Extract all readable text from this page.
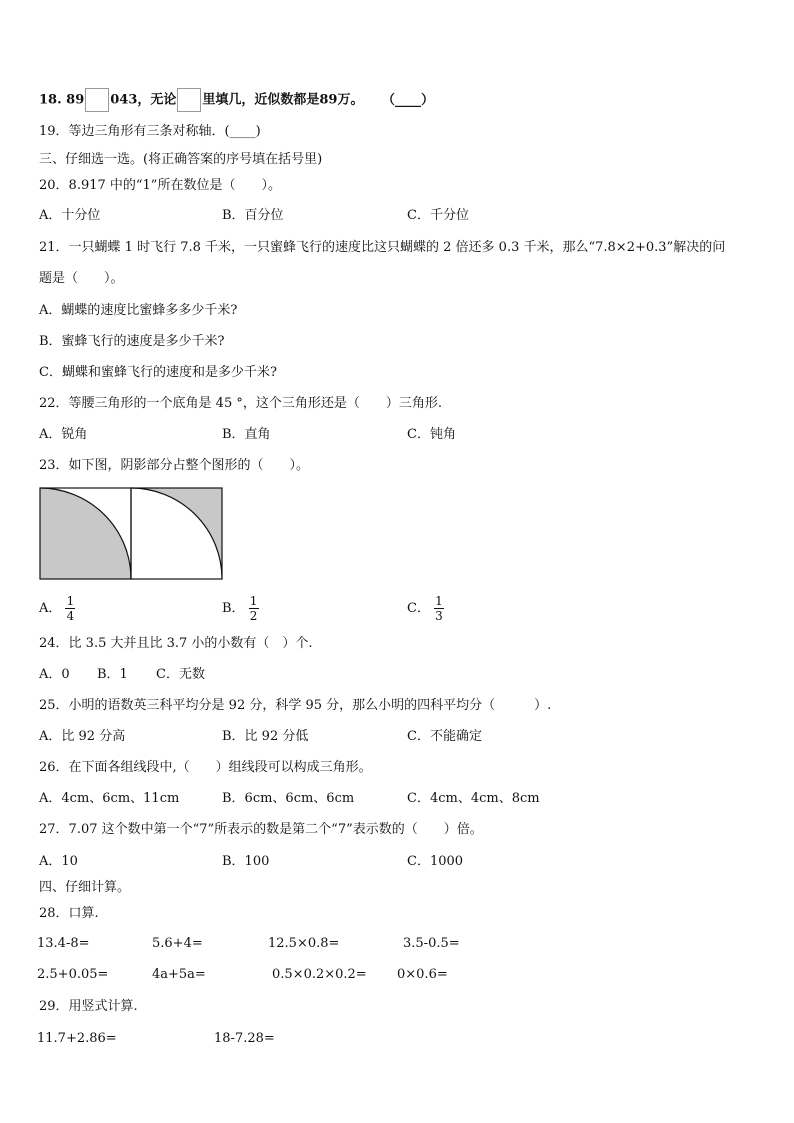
18. 89 043，无论 里填几，近似数都是89万。 （____）
19．等边三角形有三条对称轴．(____)
三、仔细选一选。(将正确答案的序号填在括号里)
20．8.917 中的“1”所在数位是（　　）。
A．十分位	B．百分位	C．千分位
21．一只蝴蝶 1 时飞行 7.8 千米，一只蜜蜂飞行的速度比这只蝴蝶的 2 倍还多 0.3 千米，那么“7.8×2+0.3”解决的问
题是（　　）。
A．蝴蝶的速度比蜜蜂多多少千米?
B．蜜蜂飞行的速度是多少千米?
C．蝴蝶和蜜蜂飞行的速度和是多少千米?
22．等腰三角形的一个底角是 45 °，这个三角形还是（　　）三角形.
A．锐角	B．直角	C．钝角
23．如下图，阴影部分占整个图形的（　　）。
A． $\frac{1}{4}$	B． $\frac{1}{2}$	C． $\frac{1}{3}$
24．比 3.5 大并且比 3.7 小的小数有（　）个.
A．0 B．1 C．无数
25．小明的语数英三科平均分是 92 分，科学 95 分，那么小明的四科平均分（　　　）.
A．比 92 分高	B．比 92 分低	C．不能确定
26．在下面各组线段中,（　　）组线段可以构成三角形。
A．4cm、6cm、11cm	B．6cm、6cm、6cm	C．4cm、4cm、8cm
27．7.07 这个数中第一个“7”所表示的数是第二个“7”表示数的（　　）倍。
A．10	B．100	C．1000
四、仔细计算。
28．口算.
13.4-8=	5.6+4=	12.5×0.8=	3.5-0.5=
2.5+0.05=	4a+5a=	0.5×0.2×0.2= 0×0.6=
29．用竖式计算.
11.7+2.86=	18-7.28=
